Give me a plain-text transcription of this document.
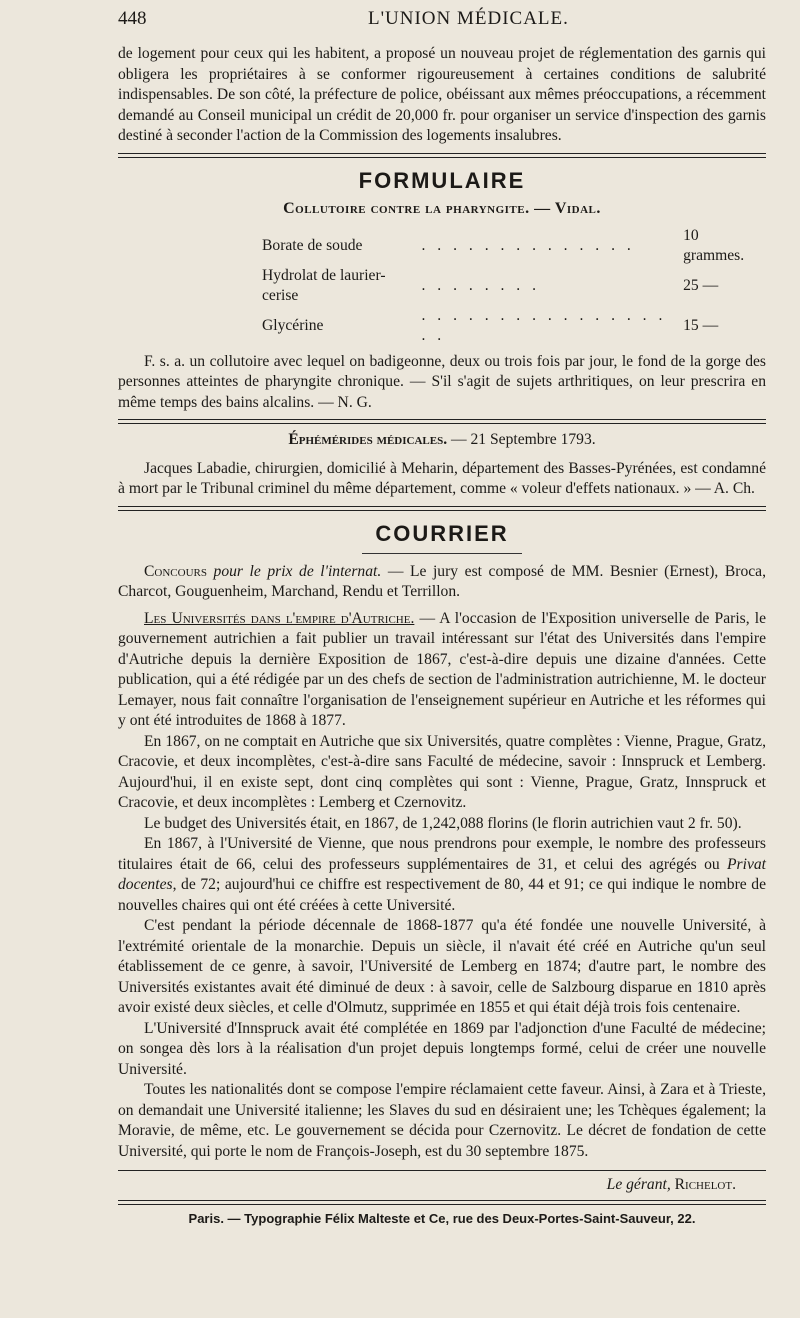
448	L'UNION MÉDICALE.

de logement pour ceux qui les habitent, a proposé un nouveau projet de réglementation des garnis qui obligera les propriétaires à se conformer rigoureusement à certaines conditions de salubrité indispensables. De son côté, la préfecture de police, obéissant aux mêmes préoccupations, a récemment demandé au Conseil municipal un crédit de 20,000 fr. pour organiser un service d'inspection des garnis destiné à seconder l'action de la Commission des logements insalubres.

FORMULAIRE
Collutoire contre la pharyngite. — Vidal.
Borate de soude	. . . . . . . . . . . . . .	10 grammes.
Hydrolat de laurier-cerise	. . . . . . . .	25 —
Glycérine	. . . . . . . . . . . . . . . . . .	15 —

F. s. a. un collutoire avec lequel on badigeonne, deux ou trois fois par jour, le fond de la gorge des personnes atteintes de pharyngite chronique. — S'il s'agit de sujets arthritiques, on leur prescrira en même temps des bains alcalins. — N. G.

Éphémérides médicales. — 21 Septembre 1793.

Jacques Labadie, chirurgien, domicilié à Meharin, département des Basses-Pyrénées, est condamné à mort par le Tribunal criminel du même département, comme « voleur d'effets nationaux. » — A. Ch.

COURRIER

Concours pour le prix de l'internat. — Le jury est composé de MM. Besnier (Ernest), Broca, Charcot, Gouguenheim, Marchand, Rendu et Terrillon.

Les Universités dans l'empire d'Autriche. — A l'occasion de l'Exposition universelle de Paris, le gouvernement autrichien a fait publier un travail intéressant sur l'état des Universités dans l'empire d'Autriche depuis la dernière Exposition de 1867, c'est-à-dire depuis une dizaine d'années. Cette publication, qui a été rédigée par un des chefs de section de l'administration autrichienne, M. le docteur Lemayer, nous fait connaître l'organisation de l'enseignement supérieur en Autriche et les réformes qui y ont été introduites de 1868 à 1877.

En 1867, on ne comptait en Autriche que six Universités, quatre complètes : Vienne, Prague, Gratz, Cracovie, et deux incomplètes, c'est-à-dire sans Faculté de médecine, savoir : Innspruck et Lemberg. Aujourd'hui, il en existe sept, dont cinq complètes qui sont : Vienne, Prague, Gratz, Innspruck et Cracovie, et deux incomplètes : Lemberg et Czernovitz.

Le budget des Universités était, en 1867, de 1,242,088 florins (le florin autrichien vaut 2 fr. 50).

En 1867, à l'Université de Vienne, que nous prendrons pour exemple, le nombre des professeurs titulaires était de 66, celui des professeurs supplémentaires de 31, et celui des agrégés ou Privat docentes, de 72; aujourd'hui ce chiffre est respectivement de 80, 44 et 91; ce qui indique le nombre de nouvelles chaires qui ont été créées à cette Université.

C'est pendant la période décennale de 1868-1877 qu'a été fondée une nouvelle Université, à l'extrémité orientale de la monarchie. Depuis un siècle, il n'avait été créé en Autriche qu'un seul établissement de ce genre, à savoir, l'Université de Lemberg en 1874; d'autre part, le nombre des Universités existantes avait été diminué de deux : à savoir, celle de Salzbourg disparue en 1810 après avoir existé deux siècles, et celle d'Olmutz, supprimée en 1855 et qui était déjà trois fois centenaire.

L'Université d'Innspruck avait été complétée en 1869 par l'adjonction d'une Faculté de médecine; on songea dès lors à la réalisation d'un projet depuis longtemps formé, celui de créer une nouvelle Université.

Toutes les nationalités dont se compose l'empire réclamaient cette faveur. Ainsi, à Zara et à Trieste, on demandait une Université italienne; les Slaves du sud en désiraient une; les Tchèques également; la Moravie, de même, etc. Le gouvernement se décida pour Czernovitz. Le décret de fondation de cette Université, qui porte le nom de François-Joseph, est du 30 septembre 1875.

Le gérant, Richelot.
Paris. — Typographie Félix Malteste et Ce, rue des Deux-Portes-Saint-Sauveur, 22.
